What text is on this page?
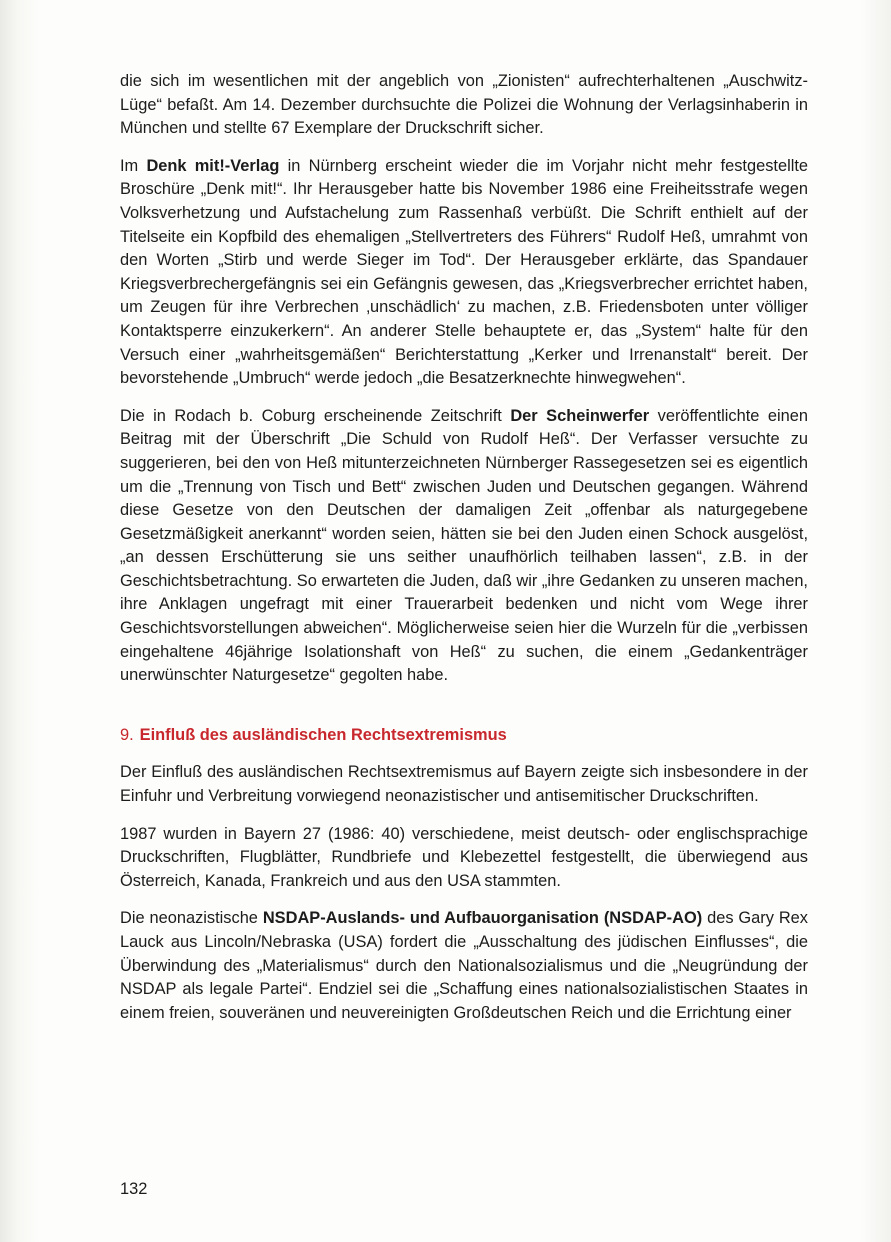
die sich im wesentlichen mit der angeblich von „Zionisten“ aufrechterhaltenen „Auschwitz-Lüge“ befaßt. Am 14. Dezember durchsuchte die Polizei die Wohnung der Verlagsinhaberin in München und stellte 67 Exemplare der Druckschrift sicher.

Im Denk mit!-Verlag in Nürnberg erscheint wieder die im Vorjahr nicht mehr festgestellte Broschüre „Denk mit!“. Ihr Herausgeber hatte bis November 1986 eine Freiheitsstrafe wegen Volksverhetzung und Aufstachelung zum Rassenhaß verbüßt. Die Schrift enthielt auf der Titelseite ein Kopfbild des ehemaligen „Stellvertreters des Führers“ Rudolf Heß, umrahmt von den Worten „Stirb und werde Sieger im Tod“. Der Herausgeber erklärte, das Spandauer Kriegsverbrechergefängnis sei ein Gefängnis gewesen, das „Kriegsverbrecher errichtet haben, um Zeugen für ihre Verbrechen ‚unschädlich‘ zu machen, z.B. Friedensboten unter völliger Kontaktsperre einzukerkern“. An anderer Stelle behauptete er, das „System“ halte für den Versuch einer „wahrheitsgemäßen“ Berichterstattung „Kerker und Irrenanstalt“ bereit. Der bevorstehende „Umbruch“ werde jedoch „die Besatzerknechte hinwegwehen“.

Die in Rodach b. Coburg erscheinende Zeitschrift Der Scheinwerfer veröffentlichte einen Beitrag mit der Überschrift „Die Schuld von Rudolf Heß“. Der Verfasser versuchte zu suggerieren, bei den von Heß mitunterzeichneten Nürnberger Rassegesetzen sei es eigentlich um die „Trennung von Tisch und Bett“ zwischen Juden und Deutschen gegangen. Während diese Gesetze von den Deutschen der damaligen Zeit „offenbar als naturgegebene Gesetzmäßigkeit anerkannt“ worden seien, hätten sie bei den Juden einen Schock ausgelöst, „an dessen Erschütterung sie uns seither unaufhörlich teilhaben lassen“, z.B. in der Geschichtsbetrachtung. So erwarteten die Juden, daß wir „ihre Gedanken zu unseren machen, ihre Anklagen ungefragt mit einer Trauerarbeit bedenken und nicht vom Wege ihrer Geschichtsvorstellungen abweichen“. Möglicherweise seien hier die Wurzeln für die „verbissen eingehaltene 46jährige Isolationshaft von Heß“ zu suchen, die einem „Gedankenträger unerwünschter Naturgesetze“ gegolten habe.

9. Einfluß des ausländischen Rechtsextremismus

Der Einfluß des ausländischen Rechtsextremismus auf Bayern zeigte sich insbesondere in der Einfuhr und Verbreitung vorwiegend neonazistischer und antisemitischer Druckschriften.

1987 wurden in Bayern 27 (1986: 40) verschiedene, meist deutsch- oder englischsprachige Druckschriften, Flugblätter, Rundbriefe und Klebezettel festgestellt, die überwiegend aus Österreich, Kanada, Frankreich und aus den USA stammten.

Die neonazistische NSDAP-Auslands- und Aufbauorganisation (NSDAP-AO) des Gary Rex Lauck aus Lincoln/Nebraska (USA) fordert die „Ausschaltung des jüdischen Einflusses“, die Überwindung des „Materialismus“ durch den Nationalsozialismus und die „Neugründung der NSDAP als legale Partei“. Endziel sei die „Schaffung eines nationalsozialistischen Staates in einem freien, souveränen und neuvereinigten Großdeutschen Reich und die Errichtung einer

132
